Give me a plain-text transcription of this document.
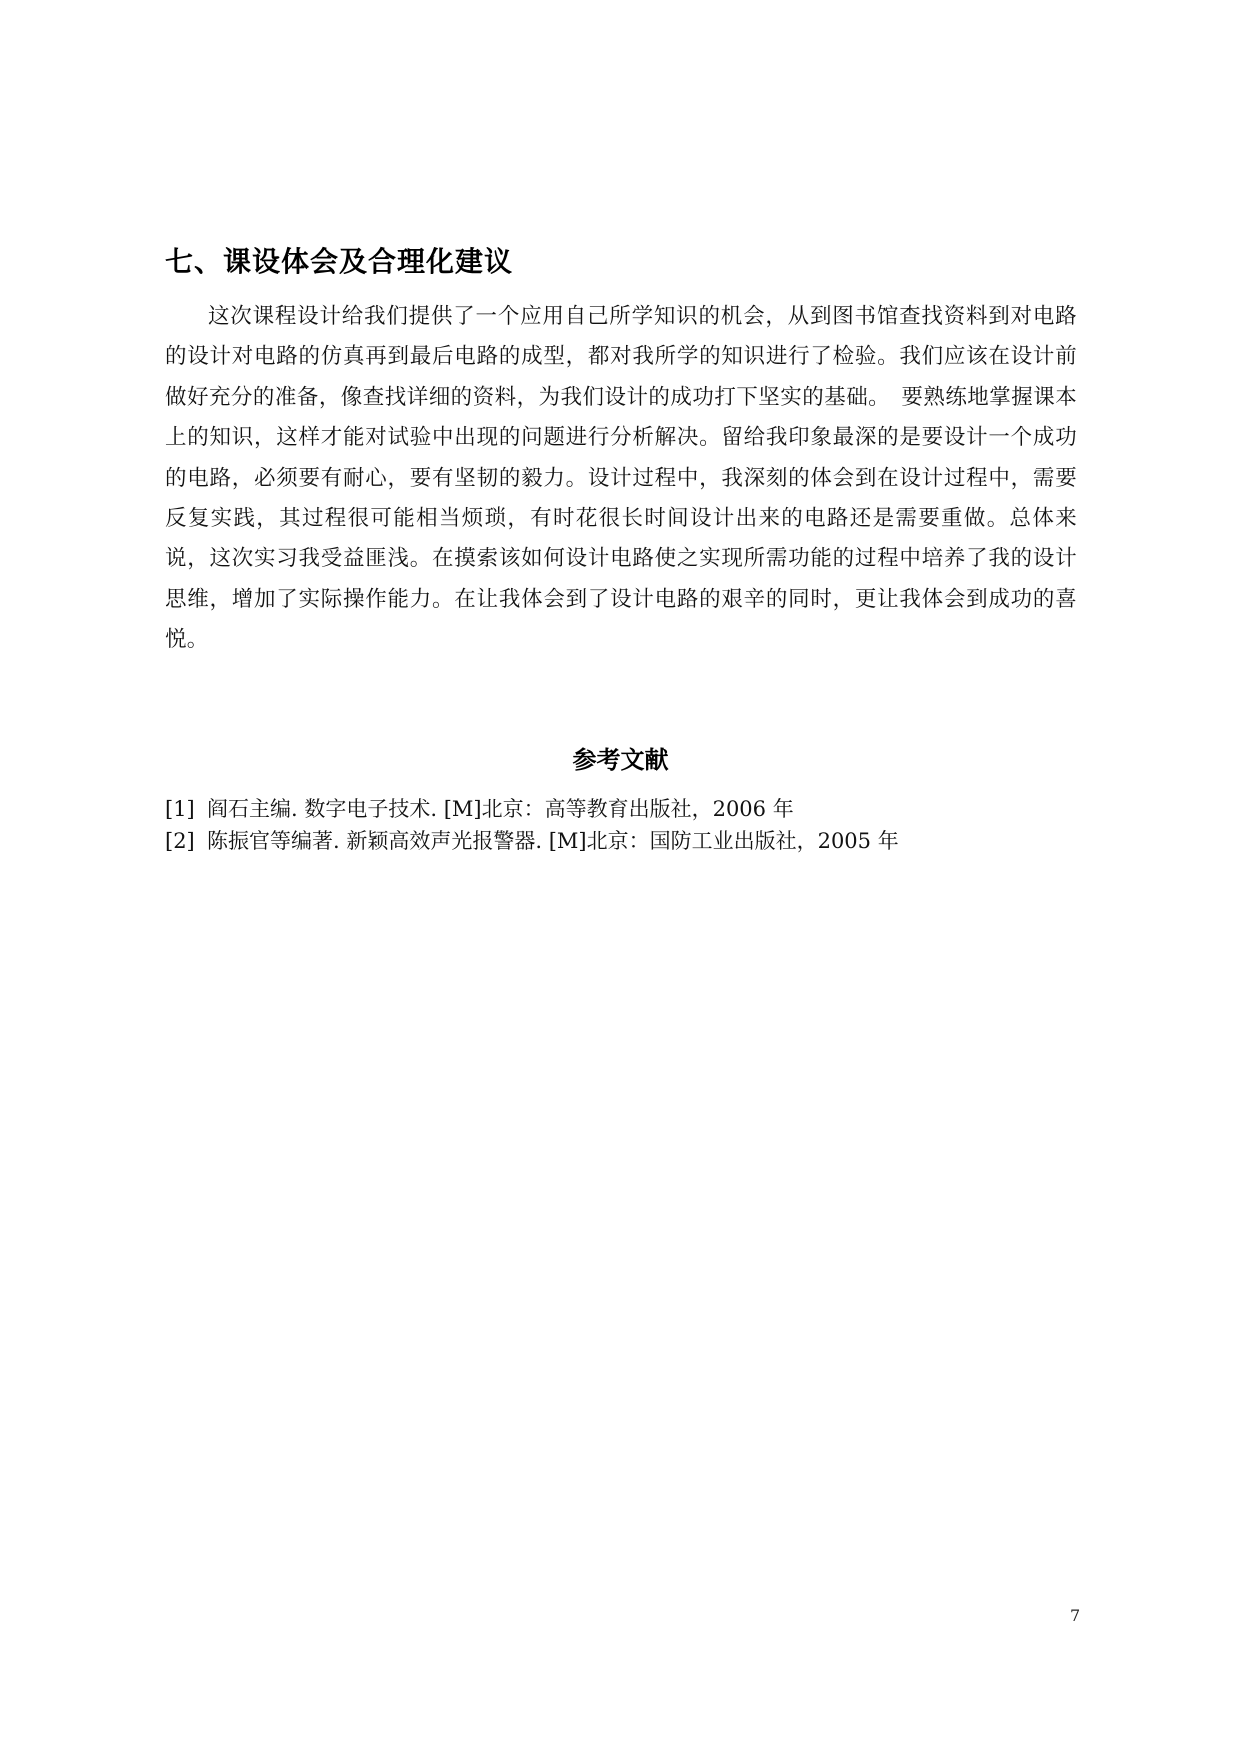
七、课设体会及合理化建议

这次课程设计给我们提供了一个应用自己所学知识的机会，从到图书馆查找资料到对电路的设计对电路的仿真再到最后电路的成型，都对我所学的知识进行了检验。我们应该在设计前做好充分的准备，像查找详细的资料，为我们设计的成功打下坚实的基础。　要熟练地掌握课本上的知识，这样才能对试验中出现的问题进行分析解决。留给我印象最深的是要设计一个成功的电路，必须要有耐心，要有坚韧的毅力。设计过程中，我深刻的体会到在设计过程中，需要反复实践，其过程很可能相当烦琐，有时花很长时间设计出来的电路还是需要重做。总体来说，这次实习我受益匪浅。在摸索该如何设计电路使之实现所需功能的过程中培养了我的设计思维，增加了实际操作能力。在让我体会到了设计电路的艰辛的同时，更让我体会到成功的喜悦。

参考文献
[1] 阎石主编. 数字电子技术. [M]北京：高等教育出版社，2006 年
[2] 陈振官等编著. 新颖高效声光报警器. [M]北京：国防工业出版社，2005 年
7
